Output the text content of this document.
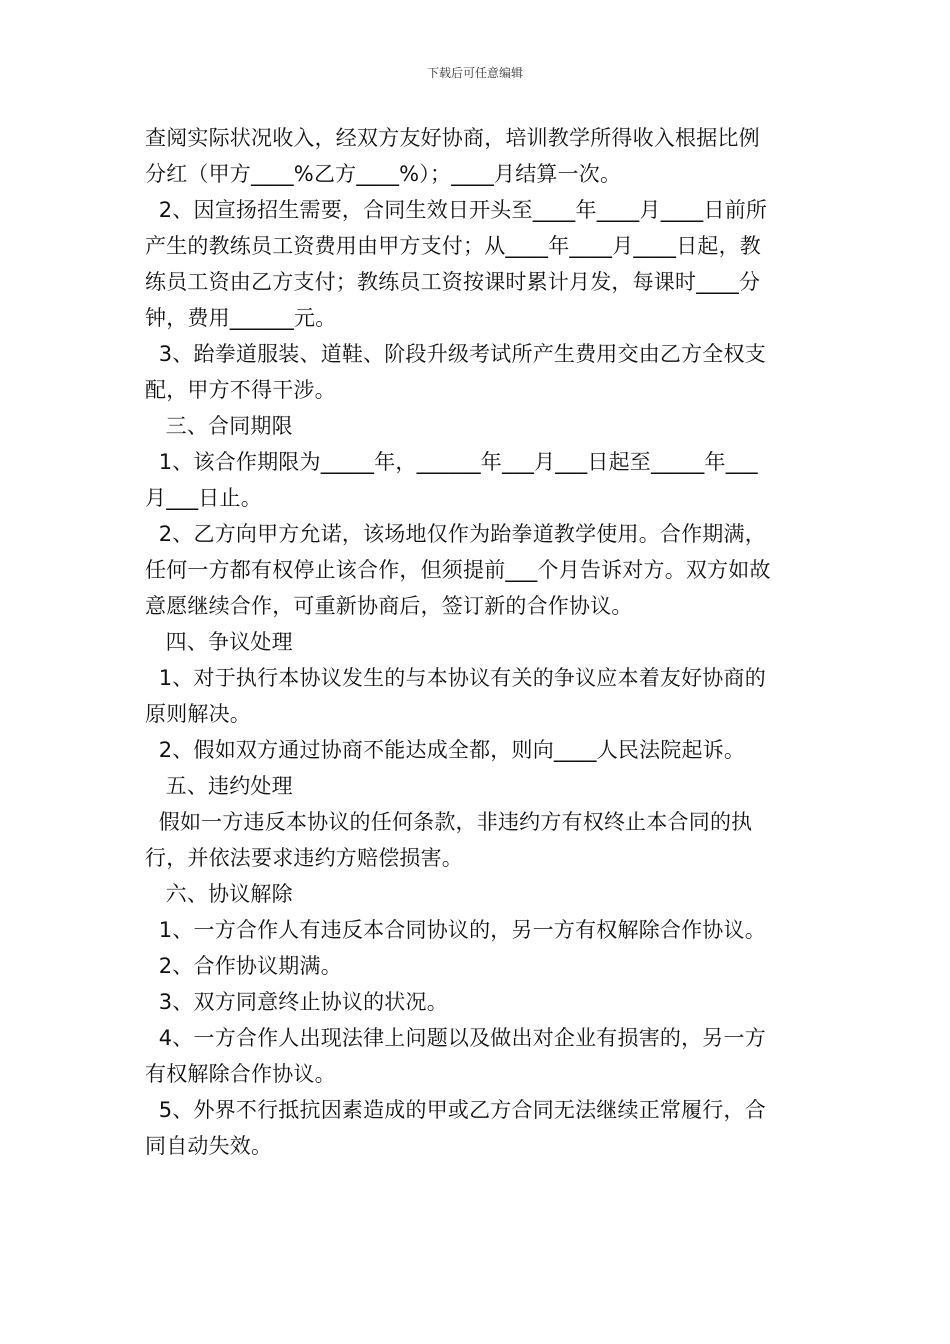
下载后可任意编辑
查阅实际状况收入，经双方友好协商，培训教学所得收入根据比例
分红（甲方____%乙方____%）；____月结算一次。
2、因宣扬招生需要，合同生效日开头至____年____月____日前所
产生的教练员工资费用由甲方支付；从____年____月____日起，教
练员工资由乙方支付；教练员工资按课时累计月发，每课时____分
钟，费用______元。
3、跆拳道服装、道鞋、阶段升级考试所产生费用交由乙方全权支
配，甲方不得干涉。
三、合同期限
1、该合作期限为_____年，______年___月___日起至_____年___
月___日止。
2、乙方向甲方允诺，该场地仅作为跆拳道教学使用。合作期满，
任何一方都有权停止该合作，但须提前___个月告诉对方。双方如故
意愿继续合作，可重新协商后，签订新的合作协议。
四、争议处理
1、对于执行本协议发生的与本协议有关的争议应本着友好协商的
原则解决。
2、假如双方通过协商不能达成全都，则向____人民法院起诉。
五、违约处理
假如一方违反本协议的任何条款，非违约方有权终止本合同的执
行，并依法要求违约方赔偿损害。
六、协议解除
1、一方合作人有违反本合同协议的，另一方有权解除合作协议。
2、合作协议期满。
3、双方同意终止协议的状况。
4、一方合作人出现法律上问题以及做出对企业有损害的，另一方
有权解除合作协议。
5、外界不行抵抗因素造成的甲或乙方合同无法继续正常履行，合
同自动失效。
